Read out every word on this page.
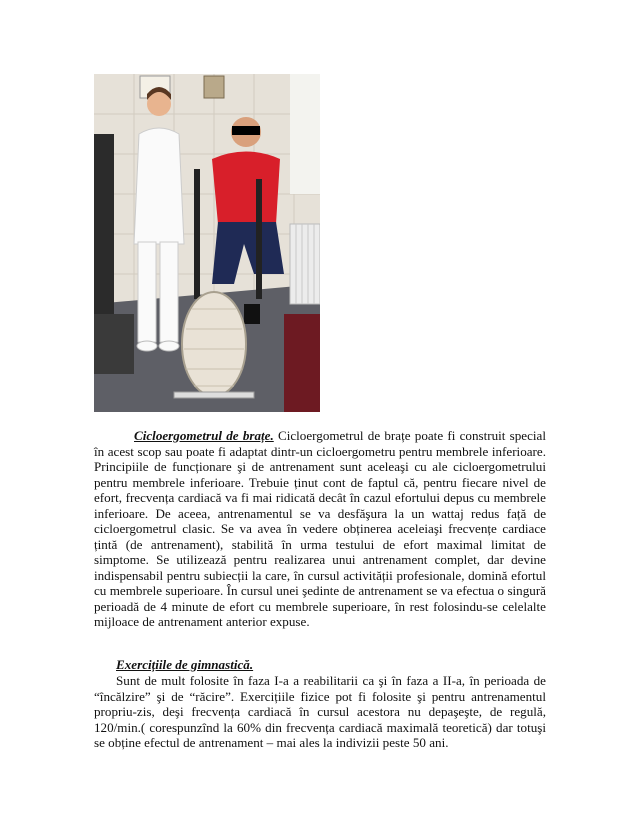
Cicloergometrul de brațe. Cicloergometrul de brațe poate fi construit special în acest scop sau poate fi adaptat dintr-un cicloergometru pentru membrele inferioare. Principiile de funcționare şi de antrenament sunt aceleaşi cu ale cicloergometrului pentru membrele inferioare. Trebuie ținut cont de faptul că, pentru fiecare nivel de efort, frecvența cardiacă va fi mai ridicată decât în cazul efortului depus cu membrele inferioare. De aceea, antrenamentul se va desfăşura la un wattaj redus față de cicloergometrul clasic. Se va avea în vedere obținerea aceleiaşi frecvențe cardiace țintă (de antrenament), stabilită în urma testului de efort maximal limitat de simptome. Se utilizează pentru realizarea unui antrenament complet, dar devine indispensabil pentru subiecții la care, în cursul activității profesionale, domină efortul cu membrele superioare. În cursul unei şedinte de antrenament se va efectua o singură perioadă de 4 minute de efort cu membrele superioare, în rest folosindu-se celelalte mijloace de antrenament anterior expuse.

Exercițiile de gimnastică.

Sunt de mult folosite în faza I-a a reabilitarii ca şi în faza a II-a, în perioada de “încălzire” şi de “răcire”. Exercițiile fizice pot fi folosite şi pentru antrenamentul propriu-zis, deşi frecvența cardiacă în cursul acestora nu depaşeşte, de regulă, 120/min.( corespunzînd la 60% din frecvența cardiacă maximală teoretică) dar totuşi se obține efectul de antrenament – mai ales la indivizii peste 50 ani.
